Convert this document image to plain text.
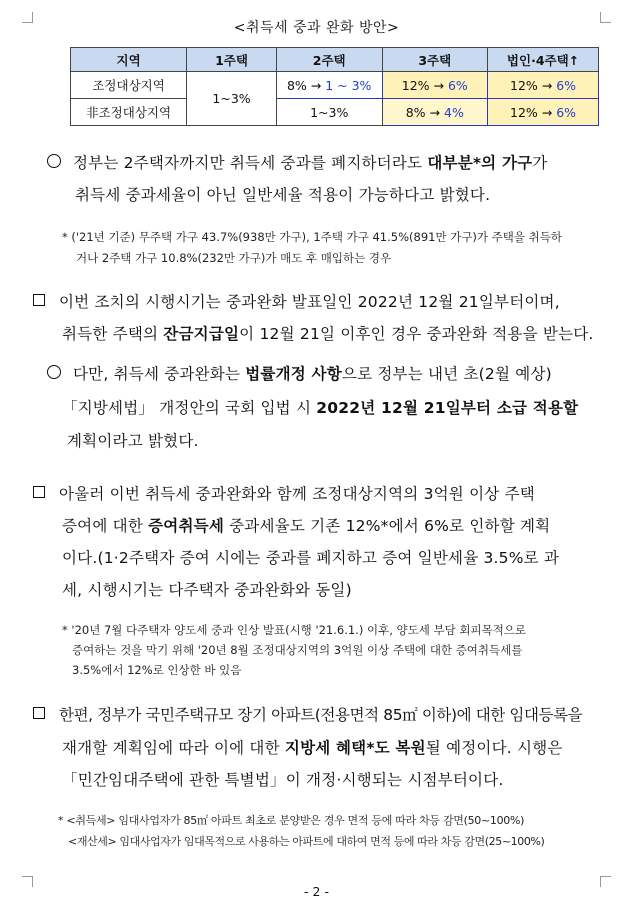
<취득세 중과 완화 방안>
지역	1주택	2주택	3주택	법인·4주택↑
조정대상지역	1~3%	8% → 1 ~ 3%	12% → 6%	12% → 6%
非조정대상지역		1~3%	8% → 4%	12% → 6%
정부는 2주택자까지만 취득세 중과를 폐지하더라도 대부분*의 가구가
취득세 중과세율이 아닌 일반세율 적용이 가능하다고 밝혔다.
* ('21년 기준) 무주택 가구 43.7%(938만 가구), 1주택 가구 41.5%(891만 가구)가 주택을 취득하
거나 2주택 가구 10.8%(232만 가구)가 매도 후 매입하는 경우
이번 조치의 시행시기는 중과완화 발표일인 2022년 12월 21일부터이며,
취득한 주택의 잔금지급일이 12월 21일 이후인 경우 중과완화 적용을 받는다.
다만, 취득세 중과완화는 법률개정 사항으로 정부는 내년 초(2월 예상)
「지방세법」 개정안의 국회 입법 시 2022년 12월 21일부터 소급 적용할
계획이라고 밝혔다.
아울러 이번 취득세 중과완화와 함께 조정대상지역의 3억원 이상 주택
증여에 대한 증여취득세 중과세율도 기존 12%*에서 6%로 인하할 계획
이다.(1·2주택자 증여 시에는 중과를 폐지하고 증여 일반세율 3.5%로 과
세, 시행시기는 다주택자 중과완화와 동일)
* '20년 7월 다주택자 양도세 중과 인상 발표(시행 '21.6.1.) 이후, 양도세 부담 회피목적으로
증여하는 것을 막기 위해 '20년 8월 조정대상지역의 3억원 이상 주택에 대한 증여취득세를
3.5%에서 12%로 인상한 바 있음
한편, 정부가 국민주택규모 장기 아파트(전용면적 85㎡ 이하)에 대한 임대등록을
재개할 계획임에 따라 이에 대한 지방세 혜택*도 복원될 예정이다. 시행은
「민간임대주택에 관한 특별법」이 개정·시행되는 시점부터이다.
* <취득세> 임대사업자가 85㎡ 아파트 최초로 분양받은 경우 면적 등에 따라 차등 감면(50~100%)
<재산세> 임대사업자가 임대목적으로 사용하는 아파트에 대하여 면적 등에 따라 차등 감면(25~100%)
- 2 -
